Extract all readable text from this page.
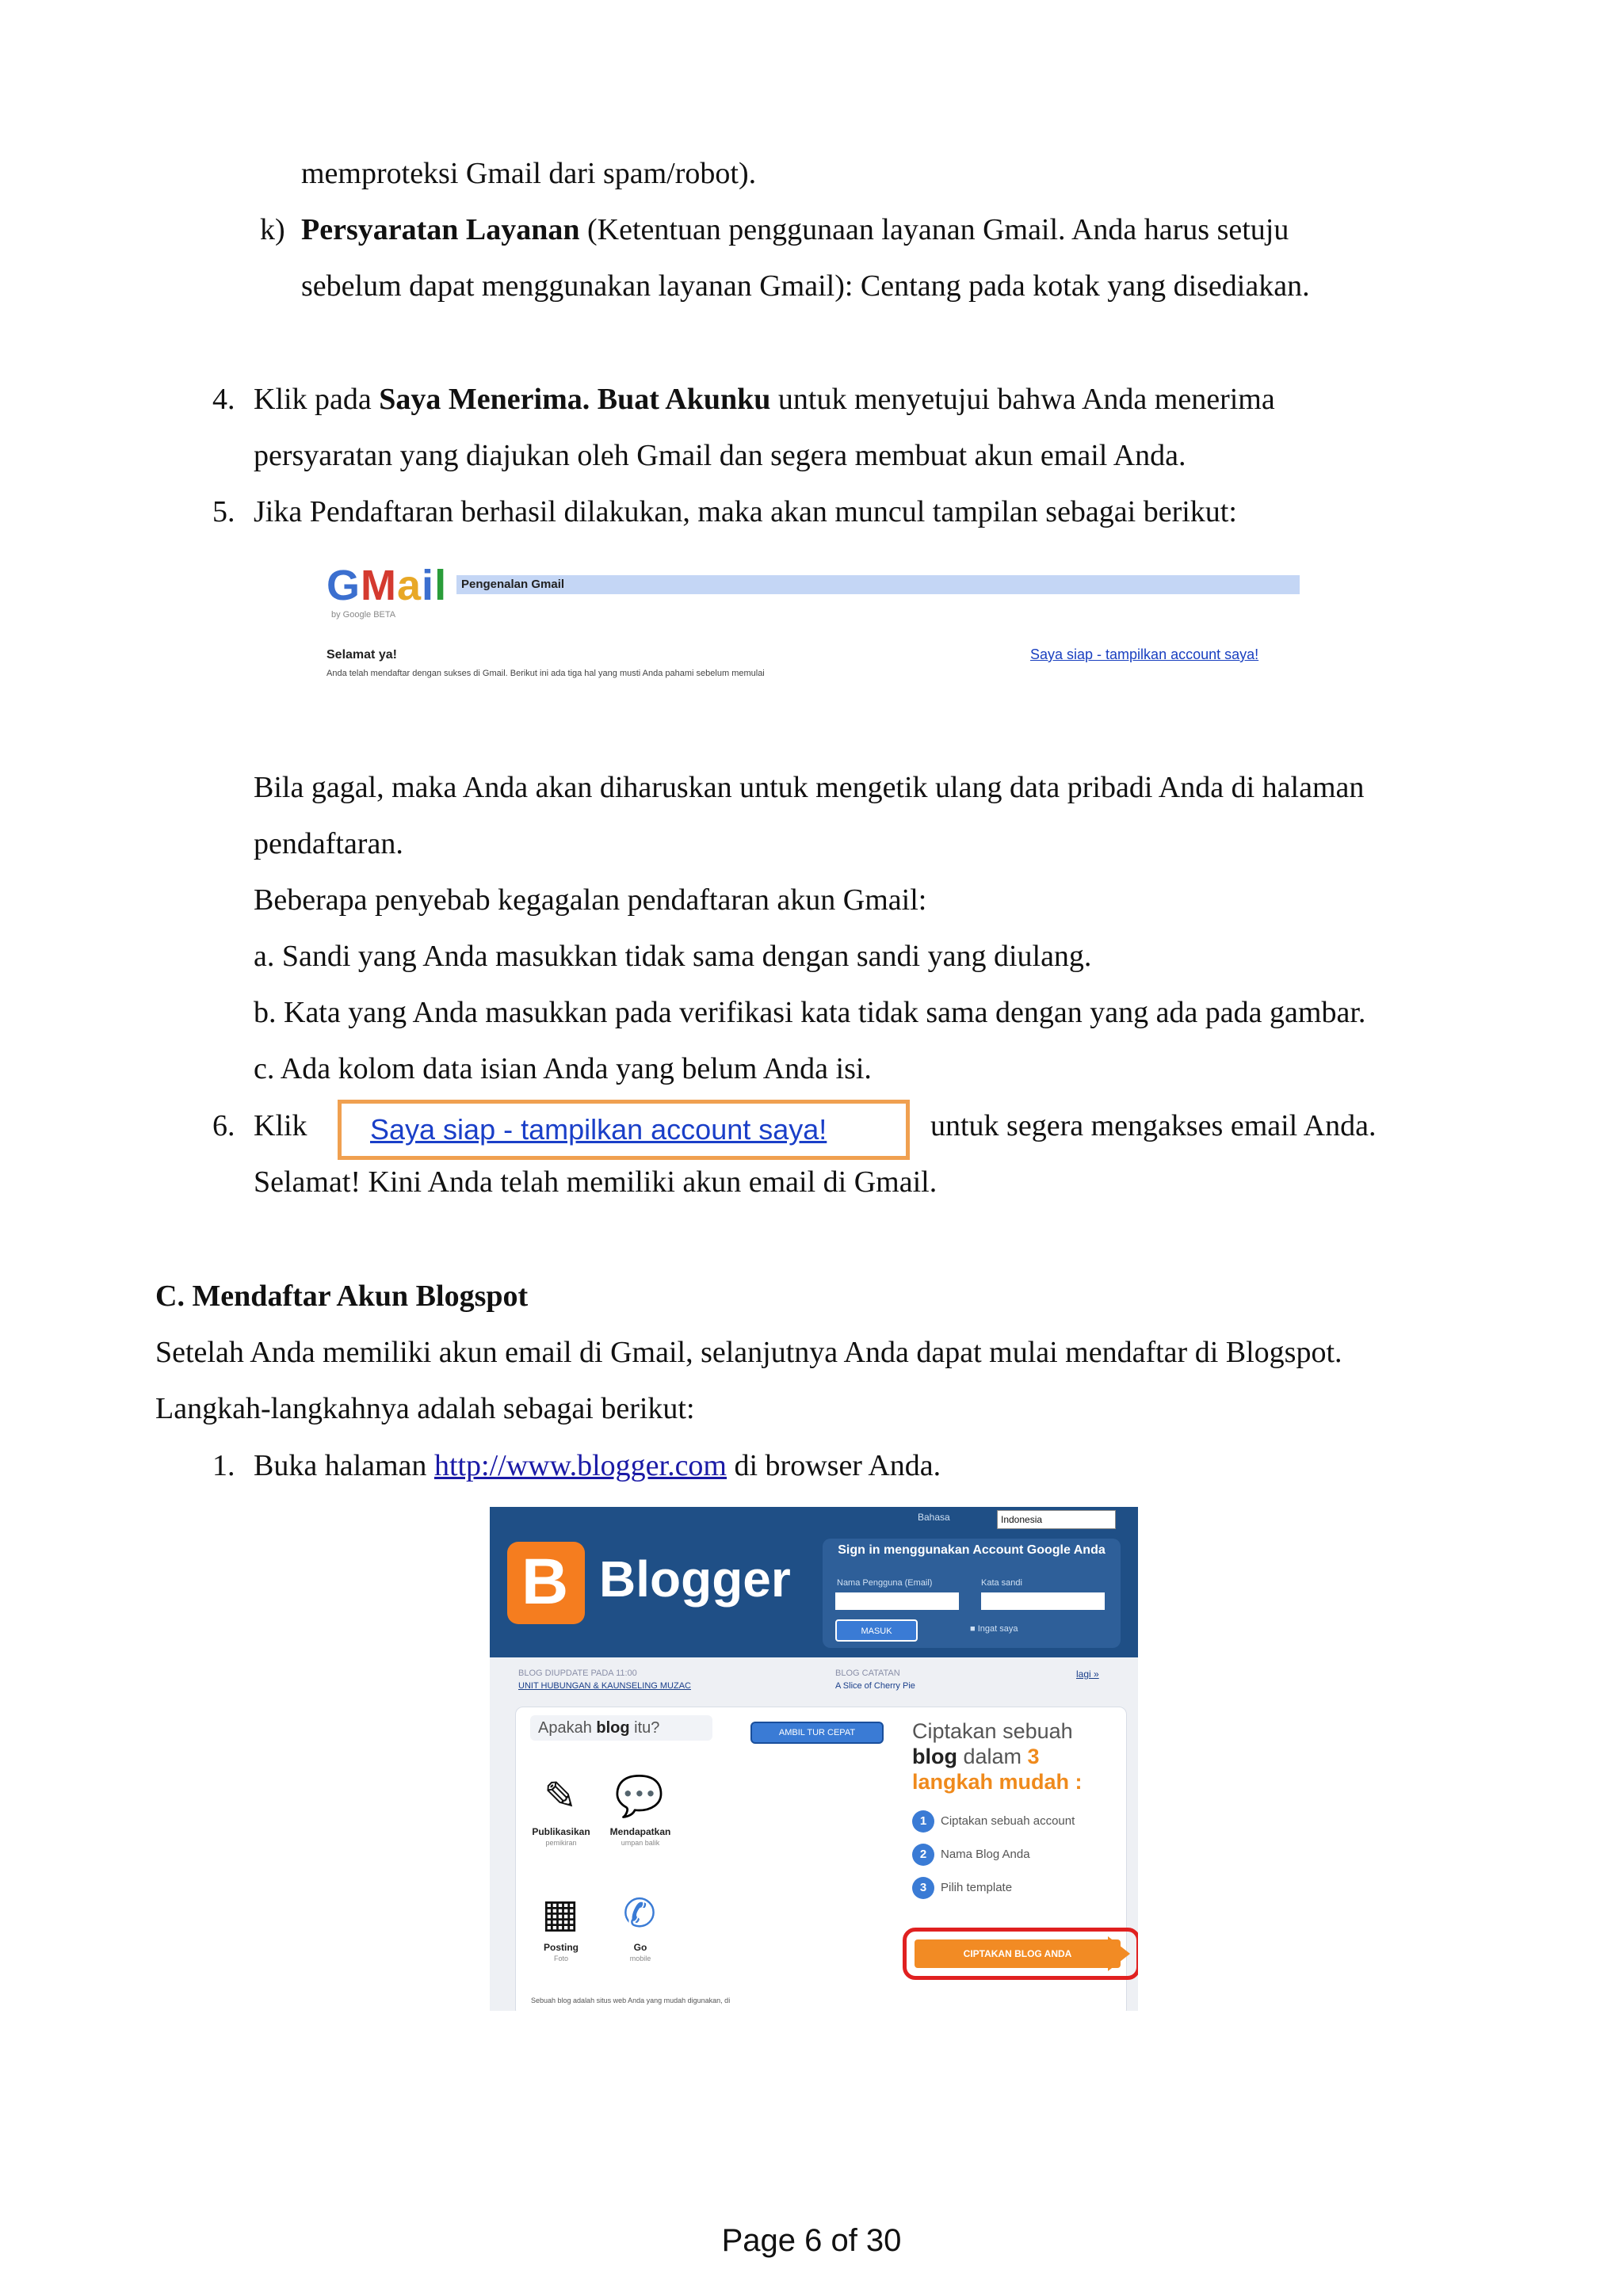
memproteksi Gmail dari spam/robot).
k) Persyaratan Layanan (Ketentuan penggunaan layanan Gmail. Anda harus setuju
sebelum dapat menggunakan layanan Gmail): Centang pada kotak yang disediakan.
4. Klik pada Saya Menerima. Buat Akunku untuk menyetujui bahwa Anda menerima
persyaratan yang diajukan oleh Gmail dan segera membuat akun email Anda.
5. Jika Pendaftaran berhasil dilakukan, maka akan muncul tampilan sebagai berikut:
GMail
by Google BETA
Pengenalan Gmail
Selamat ya!
Anda telah mendaftar dengan sukses di Gmail. Berikut ini ada tiga hal yang musti Anda pahami sebelum memulai
Saya siap - tampilkan account saya!
Bila gagal, maka Anda akan diharuskan untuk mengetik ulang data pribadi Anda di halaman
pendaftaran.
Beberapa penyebab kegagalan pendaftaran akun Gmail:
a. Sandi yang Anda masukkan tidak sama dengan sandi yang diulang.
b. Kata yang Anda masukkan pada verifikasi kata tidak sama dengan yang ada pada gambar.
c. Ada kolom data isian Anda yang belum Anda isi.
6. Klik Saya siap - tampilkan account saya!	untuk segera mengakses email Anda.
Selamat! Kini Anda telah memiliki akun email di Gmail.
C. Mendaftar Akun Blogspot
Setelah Anda memiliki akun email di Gmail, selanjutnya Anda dapat mulai mendaftar di Blogspot.
Langkah-langkahnya adalah sebagai berikut:
1. Buka halaman http://www.blogger.com di browser Anda.
B Blogger
Bahasa	Indonesia
Sign in menggunakan Account Google Anda
Nama Pengguna (Email)	Kata sandi
MASUK	■ Ingat saya
BLOG DIUPDATE PADA 11:00
UNIT HUBUNGAN & KAUNSELING MUZAC
BLOG CATATAN
A Slice of Cherry Pie
lagi »
Apakah blog itu?	AMBIL TUR CEPAT
✎
Publikasikan
pemikiran
💬
Mendapatkan
umpan balik
▦
Posting
Foto
✆
Go
mobile
Ciptakan sebuah
blog dalam 3
langkah mudah :
1 Ciptakan sebuah account
2 Nama Blog Anda
3 Pilih template
CIPTAKAN BLOG ANDA
Sebuah blog adalah situs web Anda yang mudah digunakan, di
Page 6 of 30
